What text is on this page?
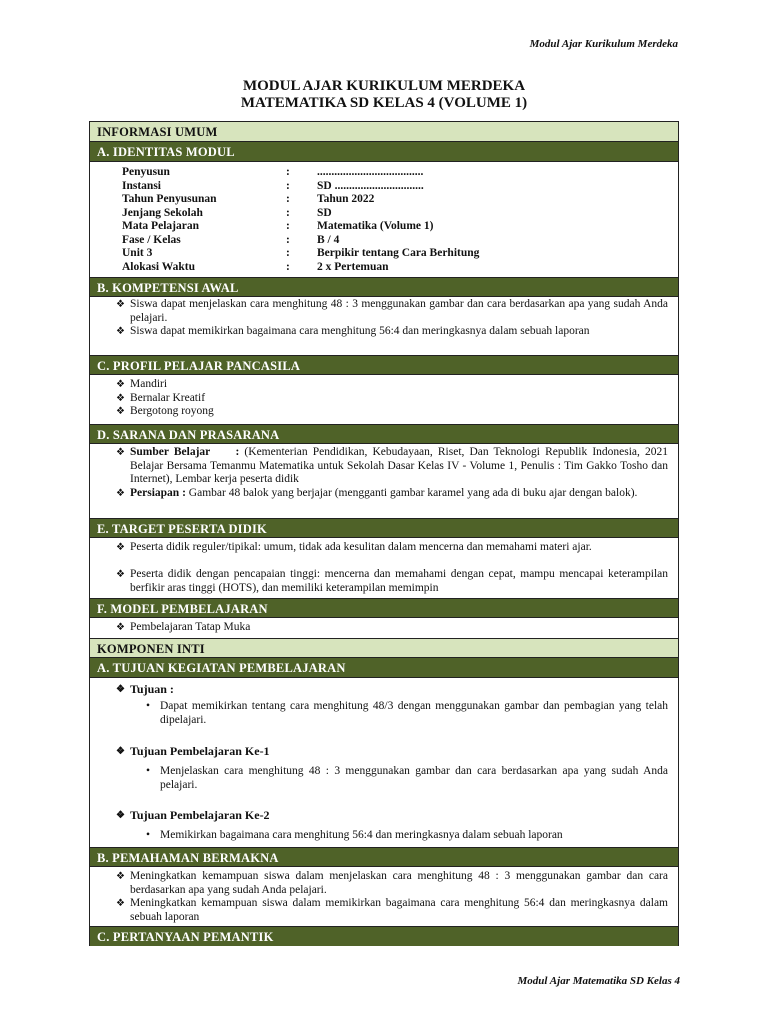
Modul Ajar Kurikulum Merdeka
MODUL AJAR KURIKULUM MERDEKA
MATEMATIKA SD KELAS 4 (VOLUME 1)
INFORMASI UMUM
A. IDENTITAS MODUL
Penyusun	: .....................................
Instansi	: SD ...............................
Tahun Penyusunan	: Tahun 2022
Jenjang Sekolah	: SD
Mata Pelajaran	: Matematika (Volume 1)
Fase / Kelas	: B / 4
Unit 3	: Berpikir tentang Cara Berhitung
Alokasi Waktu	: 2 x Pertemuan
B. KOMPETENSI AWAL
❖ Siswa dapat menjelaskan cara menghitung 48 : 3 menggunakan gambar dan cara berdasarkan apa yang sudah Anda pelajari.
❖ Siswa dapat memikirkan bagaimana cara menghitung 56:4 dan meringkasnya dalam sebuah laporan
C. PROFIL PELAJAR PANCASILA
❖ Mandiri
❖ Bernalar Kreatif
❖ Bergotong royong
D. SARANA DAN PRASARANA
❖ Sumber Belajar     : (Kementerian Pendidikan, Kebudayaan, Riset, Dan Teknologi Republik Indonesia, 2021 Belajar Bersama Temanmu Matematika untuk Sekolah Dasar Kelas IV - Volume 1, Penulis : Tim Gakko Tosho dan Internet), Lembar kerja peserta didik
❖ Persiapan : Gambar 48 balok yang berjajar (mengganti gambar karamel yang ada di buku ajar dengan balok).
E. TARGET PESERTA DIDIK
❖ Peserta didik reguler/tipikal: umum, tidak ada kesulitan dalam mencerna dan memahami materi ajar.
❖ Peserta didik dengan pencapaian tinggi: mencerna dan memahami dengan cepat, mampu mencapai keterampilan berfikir aras tinggi (HOTS), dan memiliki keterampilan memimpin
F. MODEL PEMBELAJARAN
❖ Pembelajaran Tatap Muka
KOMPONEN INTI
A. TUJUAN KEGIATAN PEMBELAJARAN
❖ Tujuan :
• Dapat memikirkan tentang cara menghitung 48/3 dengan menggunakan gambar dan pembagian yang telah dipelajari.
❖ Tujuan Pembelajaran Ke-1
• Menjelaskan cara menghitung 48 : 3 menggunakan gambar dan cara berdasarkan apa yang sudah Anda pelajari.
❖ Tujuan Pembelajaran Ke-2
• Memikirkan bagaimana cara menghitung 56:4 dan meringkasnya dalam sebuah laporan
B. PEMAHAMAN BERMAKNA
❖ Meningkatkan kemampuan siswa dalam menjelaskan cara menghitung 48 : 3 menggunakan gambar dan cara berdasarkan apa yang sudah Anda pelajari.
❖ Meningkatkan kemampuan siswa dalam memikirkan bagaimana cara menghitung 56:4 dan meringkasnya dalam sebuah laporan
C. PERTANYAAN PEMANTIK
Modul Ajar Matematika SD Kelas 4
